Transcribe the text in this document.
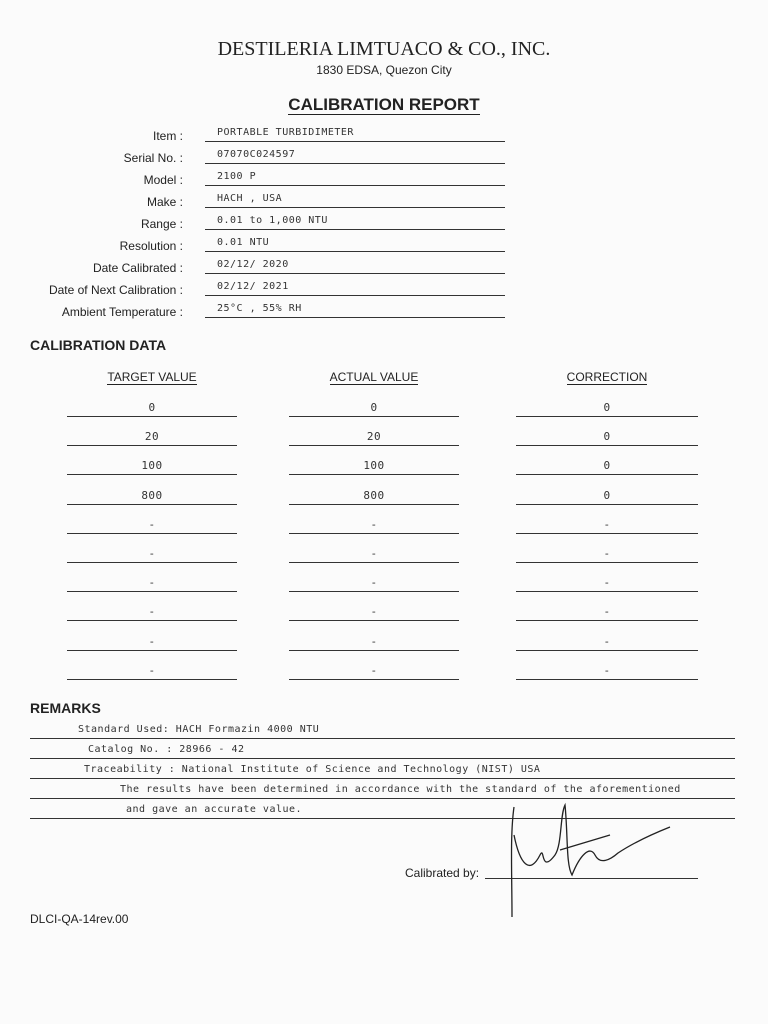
DESTILERIA LIMTUACO & CO., INC.
1830 EDSA, Quezon City
CALIBRATION REPORT
Item :	PORTABLE TURBIDIMETER
Serial No. :	07070C024597
Model :	2100 P
Make :	HACH , USA
Range :	0.01 to 1,000 NTU
Resolution :	0.01 NTU
Date Calibrated :	02/12/ 2020
Date of Next Calibration :	02/12/ 2021
Ambient Temperature :	25°C , 55% RH
CALIBRATION DATA
TARGET VALUE	ACTUAL VALUE	CORRECTION
$_0$	$_0$	$_0$
$_{20}$	$_{20}$	$_0$
$_{100}$	$_{100}$	$_0$
$_{800}$	$_{800}$	$_0$
$_-$	$_-$	$_-$
$_-$	$_-$	$_-$
$_-$	$_-$	$_-$
$_-$	$_-$	$_-$
$_-$	$_-$	$_-$
$_-$	$_-$	$_-$
REMARKS
Standard Used: HACH Formazin 4000 NTU
Catalog No. : 28966 - 42
Traceability : National Institute of Science and Technology (NIST) USA
The results have been determined in accordance with the standard of the aforementioned
and gave an accurate value.
Calibrated by:
DLCI-QA-14rev.00
